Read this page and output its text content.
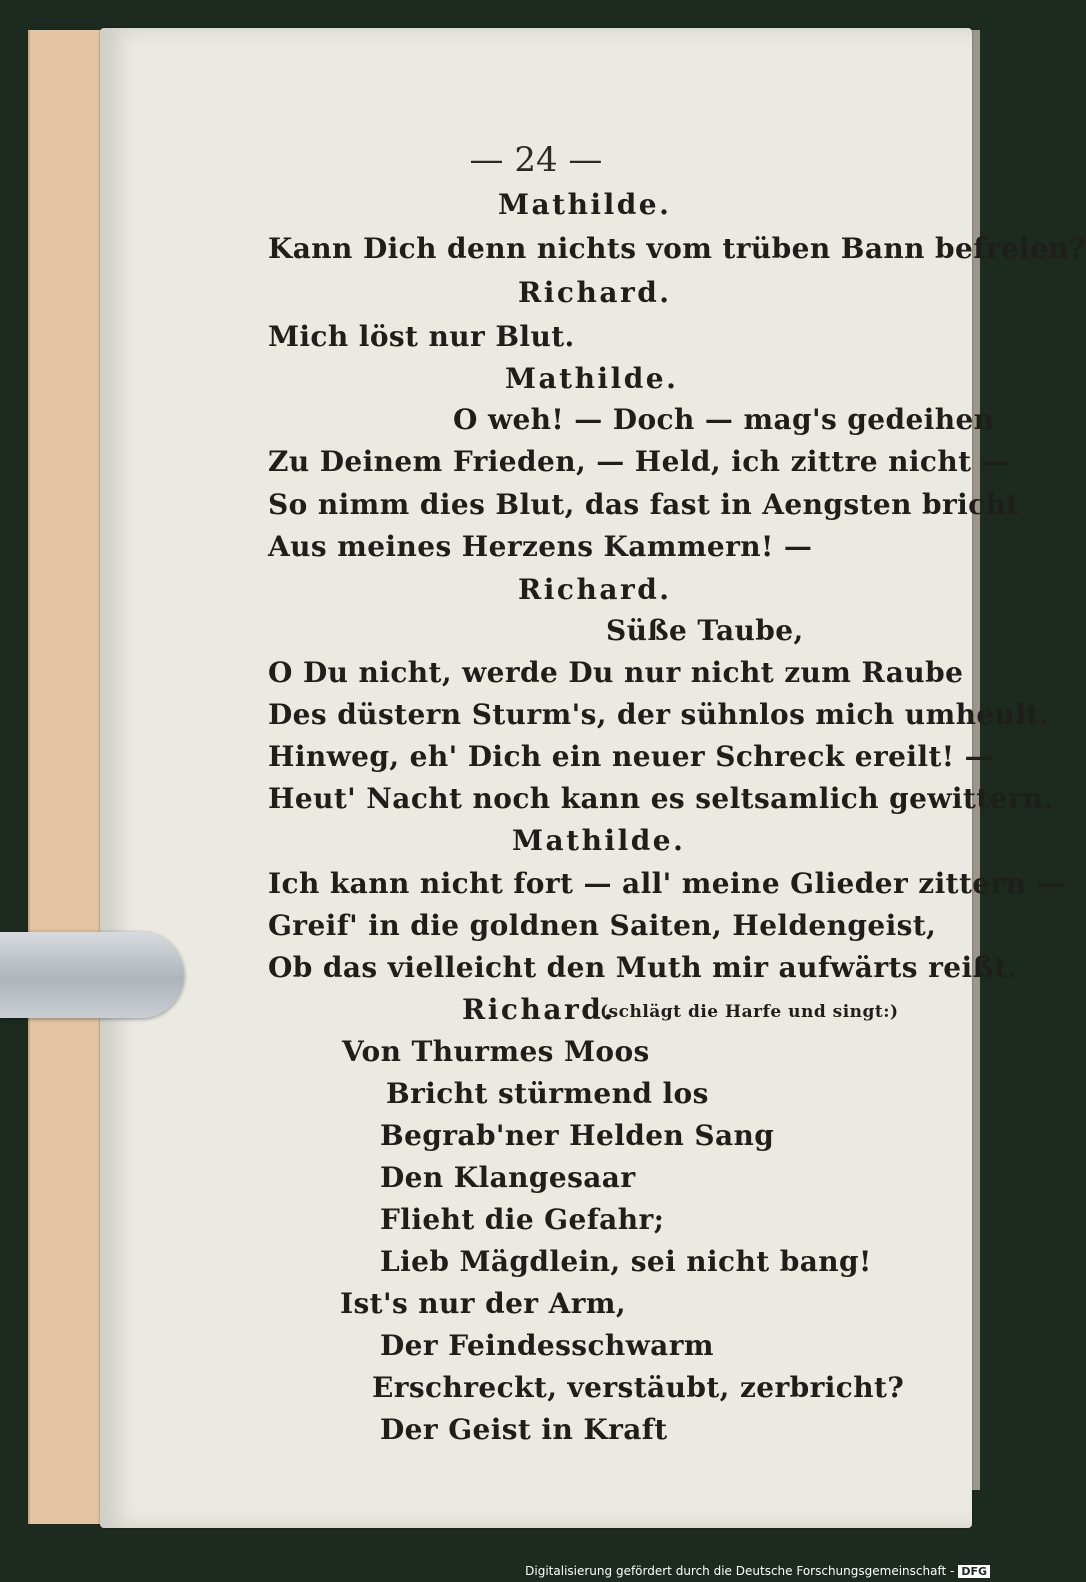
— 24 —
Mathilde.
Kann Dich denn nichts vom trüben Bann befreien?
Richard.
Mich löst nur Blut.
Mathilde.
O weh! — Doch — mag's gedeihen
Zu Deinem Frieden, — Held, ich zittre nicht —
So nimm dies Blut, das fast in Aengsten bricht
Aus meines Herzens Kammern! —
Richard.
Süße Taube,
O Du nicht, werde Du nur nicht zum Raube
Des düstern Sturm's, der sühnlos mich umheult.
Hinweg, eh' Dich ein neuer Schreck ereilt! —
Heut' Nacht noch kann es seltsamlich gewittern.
Mathilde.
Ich kann nicht fort — all' meine Glieder zittern —
Greif' in die goldnen Saiten, Heldengeist,
Ob das vielleicht den Muth mir aufwärts reißt.
Richard.
(schlägt die Harfe und singt:)
Von Thurmes Moos
Bricht stürmend los
Begrab'ner Helden Sang
Den Klangesaar
Flieht die Gefahr;
Lieb Mägdlein, sei nicht bang!
Ist's nur der Arm,
Der Feindesschwarm
Erschreckt, verstäubt, zerbricht?
Der Geist in Kraft
Digitalisierung gefördert durch die Deutsche Forschungsgemeinschaft - DFG
